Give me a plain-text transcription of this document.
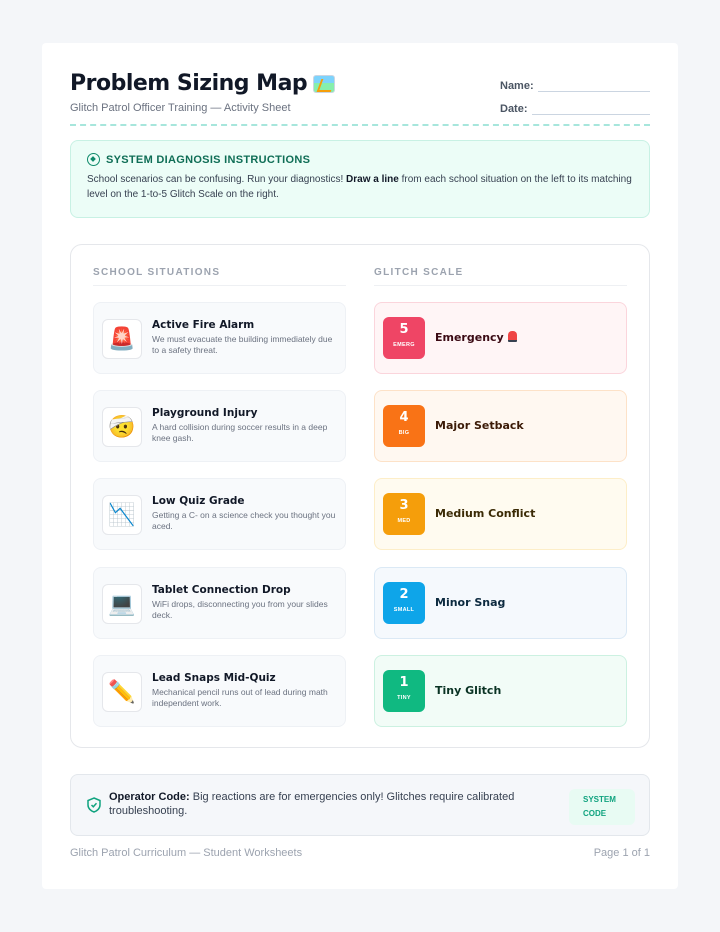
Problem Sizing Map
Glitch Patrol Officer Training — Activity Sheet
Name:
Date:
SYSTEM DIAGNOSIS INSTRUCTIONS
School scenarios can be confusing. Run your diagnostics! Draw a line from each school situation on the left to its matching level on the 1-to-5 Glitch Scale on the right.
SCHOOL SITUATIONS	GLITCH SCALE
🚨
Active Fire Alarm
We must evacuate the building immediately due to a safety threat.
🤕
Playground Injury
A hard collision during soccer results in a deep knee gash.
📉
Low Quiz Grade
Getting a C- on a science check you thought you aced.
💻
Tablet Connection Drop
WiFi drops, disconnecting you from your slides deck.
✏️
Lead Snaps Mid-Quiz
Mechanical pencil runs out of lead during math independent work.
5
EMERG
Emergency
4
BIG
Major Setback
3
MED
Medium Conflict
2
SMALL
Minor Snag
1
TINY
Tiny Glitch
Operator Code: Big reactions are for emergencies only! Glitches require calibrated troubleshooting.
SYSTEM
CODE
Glitch Patrol Curriculum — Student Worksheets	Page 1 of 1
